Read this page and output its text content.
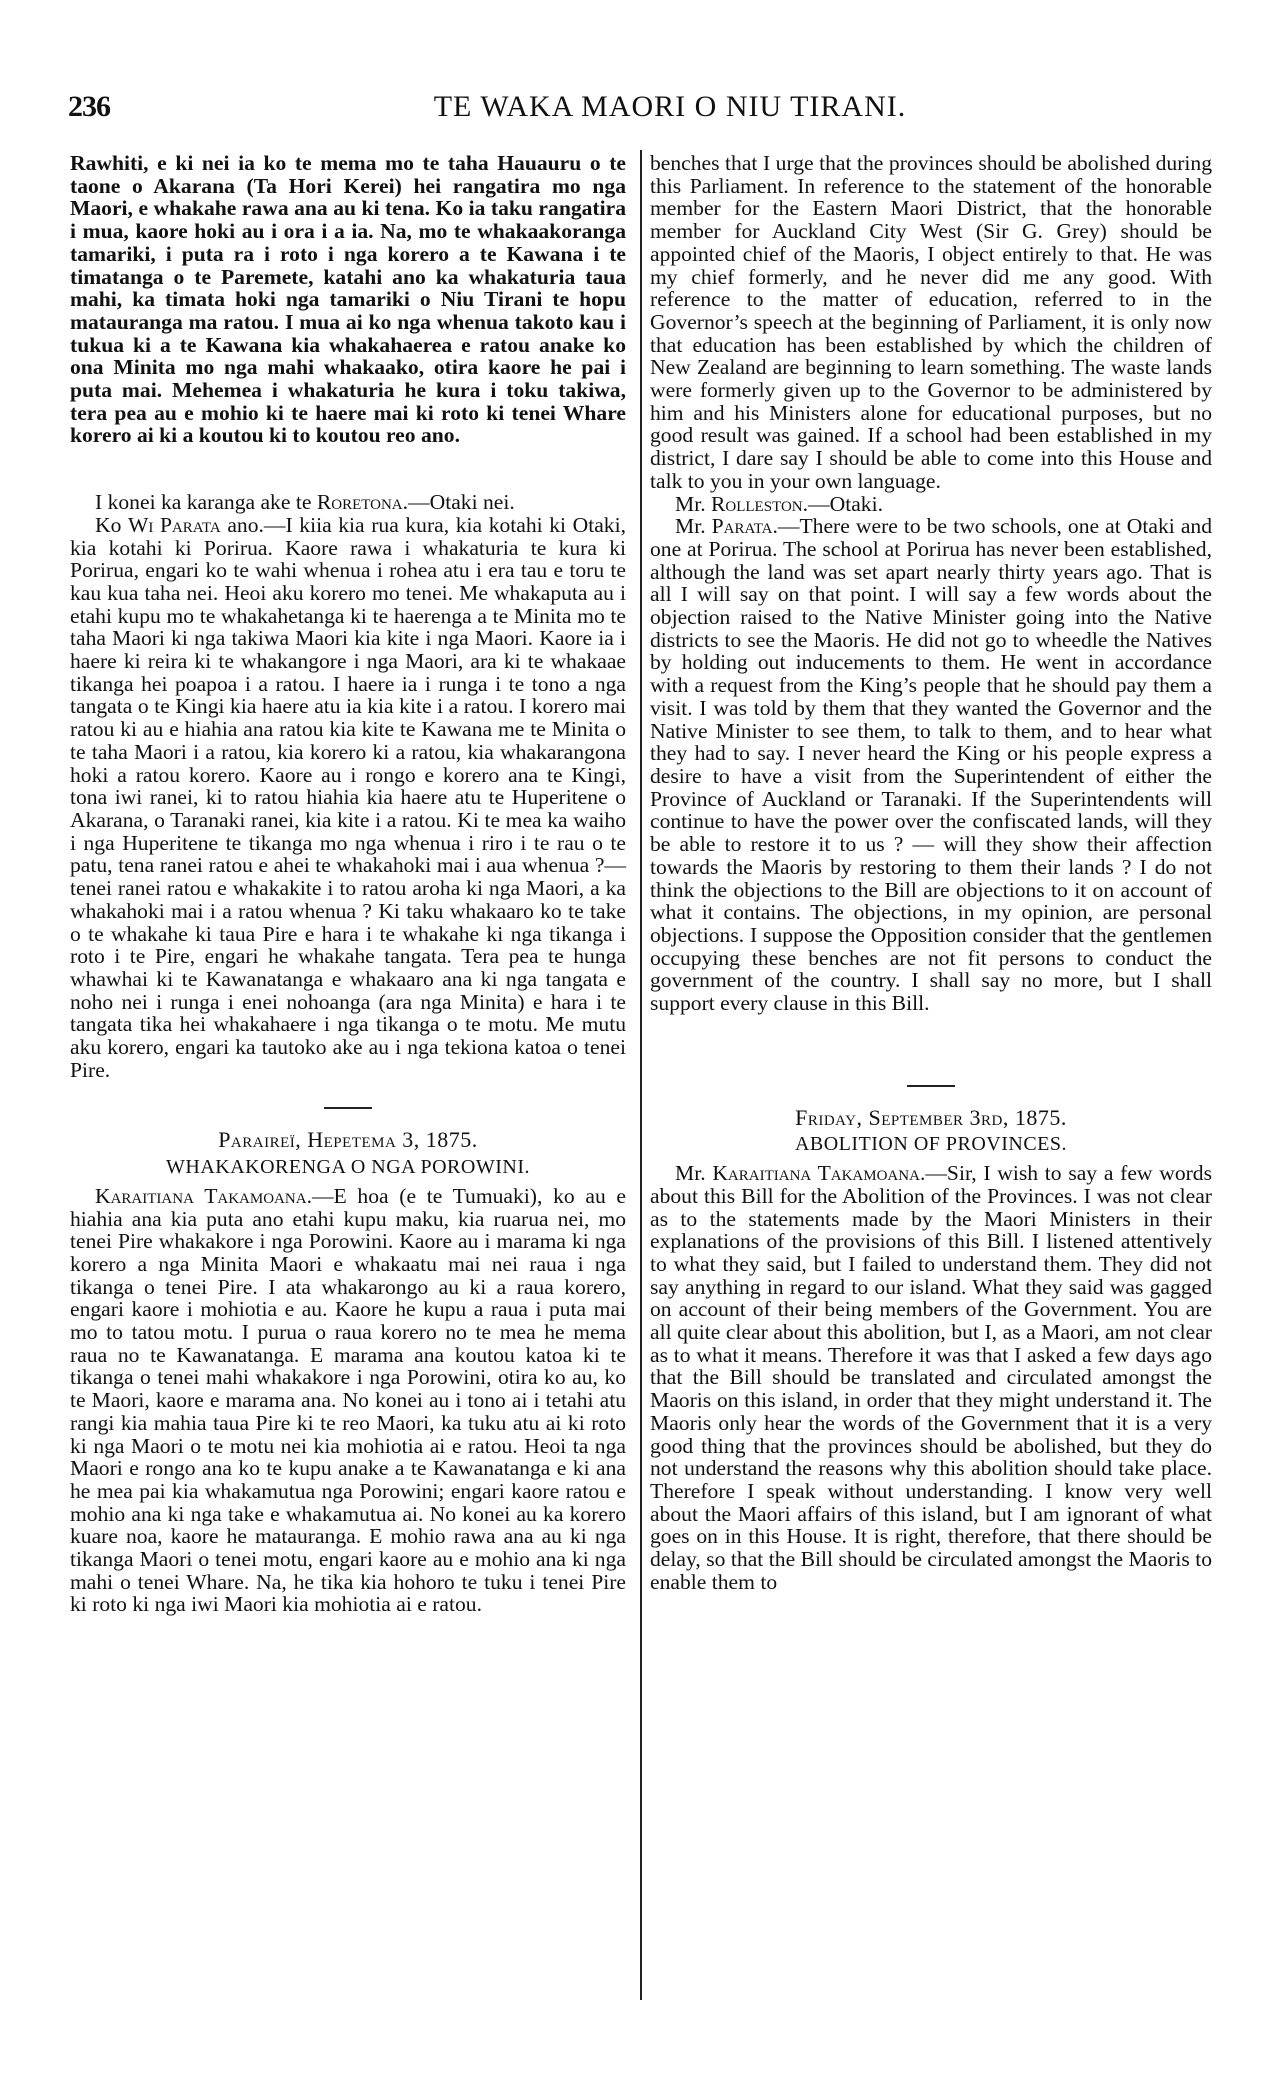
236	TE WAKA MAORI O NIU TIRANI.

Rawhiti, e ki nei ia ko te mema mo te taha Hauauru o te taone o Akarana (Ta Hori Kerei) hei rangatira mo nga Maori, e whakahe rawa ana au ki tena. Ko ia taku rangatira i mua, kaore hoki au i ora i a ia. Na, mo te whakaakoranga tamariki, i puta ra i roto i nga korero a te Kawana i te timatanga o te Paremete, katahi ano ka whakaturia taua mahi, ka timata hoki nga tamariki o Niu Tirani te hopu matauranga ma ratou. I mua ai ko nga whenua takoto kau i tukua ki a te Kawana kia whakahaerea e ratou anake ko ona Minita mo nga mahi whakaako, otira kaore he pai i puta mai. Mehemea i whakaturia he kura i toku takiwa, tera pea au e mohio ki te haere mai ki roto ki tenei Whare korero ai ki a koutou ki to koutou reo ano.

I konei ka karanga ake te Roretona.—Otaki nei.

Ko Wi Parata ano.—I kiia kia rua kura, kia kotahi ki Otaki, kia kotahi ki Porirua. Kaore rawa i whakaturia te kura ki Porirua, engari ko te wahi whenua i rohea atu i era tau e toru te kau kua taha nei. Heoi aku korero mo tenei. Me whakaputa au i etahi kupu mo te whakahetanga ki te haerenga a te Minita mo te taha Maori ki nga takiwa Maori kia kite i nga Maori. Kaore ia i haere ki reira ki te whakangore i nga Maori, ara ki te whakaae tikanga hei poapoa i a ratou. I haere ia i runga i te tono a nga tangata o te Kingi kia haere atu ia kia kite i a ratou. I korero mai ratou ki au e hiahia ana ratou kia kite te Kawana me te Minita o te taha Maori i a ratou, kia korero ki a ratou, kia whakarangona hoki a ratou korero. Kaore au i rongo e korero ana te Kingi, tona iwi ranei, ki to ratou hiahia kia haere atu te Huperitene o Akarana, o Taranaki ranei, kia kite i a ratou. Ki te mea ka waiho i nga Huperitene te tikanga mo nga whenua i riro i te rau o te patu, tena ranei ratou e ahei te whakahoki mai i aua whenua ?—tenei ranei ratou e whakakite i to ratou aroha ki nga Maori, a ka whakahoki mai i a ratou whenua ? Ki taku whakaaro ko te take o te whakahe ki taua Pire e hara i te whakahe ki nga tikanga i roto i te Pire, engari he whakahe tangata. Tera pea te hunga whawhai ki te Kawanatanga e whakaaro ana ki nga tangata e noho nei i runga i enei nohoanga (ara nga Minita) e hara i te tangata tika hei whakahaere i nga tikanga o te motu. Me mutu aku korero, engari ka tautoko ake au i nga tekiona katoa o tenei Pire.

Paraireï, Hepetema 3, 1875.
WHAKAKORENGA O NGA POROWINI.

Karaitiana Takamoana.—E hoa (e te Tumuaki), ko au e hiahia ana kia puta ano etahi kupu maku, kia ruarua nei, mo tenei Pire whakakore i nga Porowini. Kaore au i marama ki nga korero a nga Minita Maori e whakaatu mai nei raua i nga tikanga o tenei Pire. I ata whakarongo au ki a raua korero, engari kaore i mohiotia e au. Kaore he kupu a raua i puta mai mo to tatou motu. I purua o raua korero no te mea he mema raua no te Kawanatanga. E marama ana koutou katoa ki te tikanga o tenei mahi whakakore i nga Porowini, otira ko au, ko te Maori, kaore e marama ana. No konei au i tono ai i tetahi atu rangi kia mahia taua Pire ki te reo Maori, ka tuku atu ai ki roto ki nga Maori o te motu nei kia mohiotia ai e ratou. Heoi ta nga Maori e rongo ana ko te kupu anake a te Kawanatanga e ki ana he mea pai kia whakamutua nga Porowini; engari kaore ratou e mohio ana ki nga take e whakamutua ai. No konei au ka korero kuare noa, kaore he matauranga. E mohio rawa ana au ki nga tikanga Maori o tenei motu, engari kaore au e mohio ana ki nga mahi o tenei Whare. Na, he tika kia hohoro te tuku i tenei Pire ki roto ki nga iwi Maori kia mohiotia ai e ratou.

benches that I urge that the provinces should be abolished during this Parliament. In reference to the statement of the honorable member for the Eastern Maori District, that the honorable member for Auckland City West (Sir G. Grey) should be appointed chief of the Maoris, I object entirely to that. He was my chief formerly, and he never did me any good. With reference to the matter of education, referred to in the Governor’s speech at the beginning of Parliament, it is only now that education has been established by which the children of New Zealand are beginning to learn something. The waste lands were formerly given up to the Governor to be administered by him and his Ministers alone for educational purposes, but no good result was gained. If a school had been established in my district, I dare say I should be able to come into this House and talk to you in your own language.

Mr. Rolleston.—Otaki.

Mr. Parata.—There were to be two schools, one at Otaki and one at Porirua. The school at Porirua has never been established, although the land was set apart nearly thirty years ago. That is all I will say on that point. I will say a few words about the objection raised to the Native Minister going into the Native districts to see the Maoris. He did not go to wheedle the Natives by holding out inducements to them. He went in accordance with a request from the King’s people that he should pay them a visit. I was told by them that they wanted the Governor and the Native Minister to see them, to talk to them, and to hear what they had to say. I never heard the King or his people express a desire to have a visit from the Superintendent of either the Province of Auckland or Taranaki. If the Superintendents will continue to have the power over the confiscated lands, will they be able to restore it to us ? — will they show their affection towards the Maoris by restoring to them their lands ? I do not think the objections to the Bill are objections to it on account of what it contains. The objections, in my opinion, are personal objections. I suppose the Opposition consider that the gentlemen occupying these benches are not fit persons to conduct the government of the country. I shall say no more, but I shall support every clause in this Bill.

Friday, September 3rd, 1875.
ABOLITION OF PROVINCES.

Mr. Karaitiana Takamoana.—Sir, I wish to say a few words about this Bill for the Abolition of the Provinces. I was not clear as to the statements made by the Maori Ministers in their explanations of the provisions of this Bill. I listened attentively to what they said, but I failed to understand them. They did not say anything in regard to our island. What they said was gagged on account of their being members of the Government. You are all quite clear about this abolition, but I, as a Maori, am not clear as to what it means. Therefore it was that I asked a few days ago that the Bill should be translated and circulated amongst the Maoris on this island, in order that they might understand it. The Maoris only hear the words of the Government that it is a very good thing that the provinces should be abolished, but they do not understand the reasons why this abolition should take place. Therefore I speak without understanding. I know very well about the Maori affairs of this island, but I am ignorant of what goes on in this House. It is right, therefore, that there should be delay, so that the Bill should be circulated amongst the Maoris to enable them to
